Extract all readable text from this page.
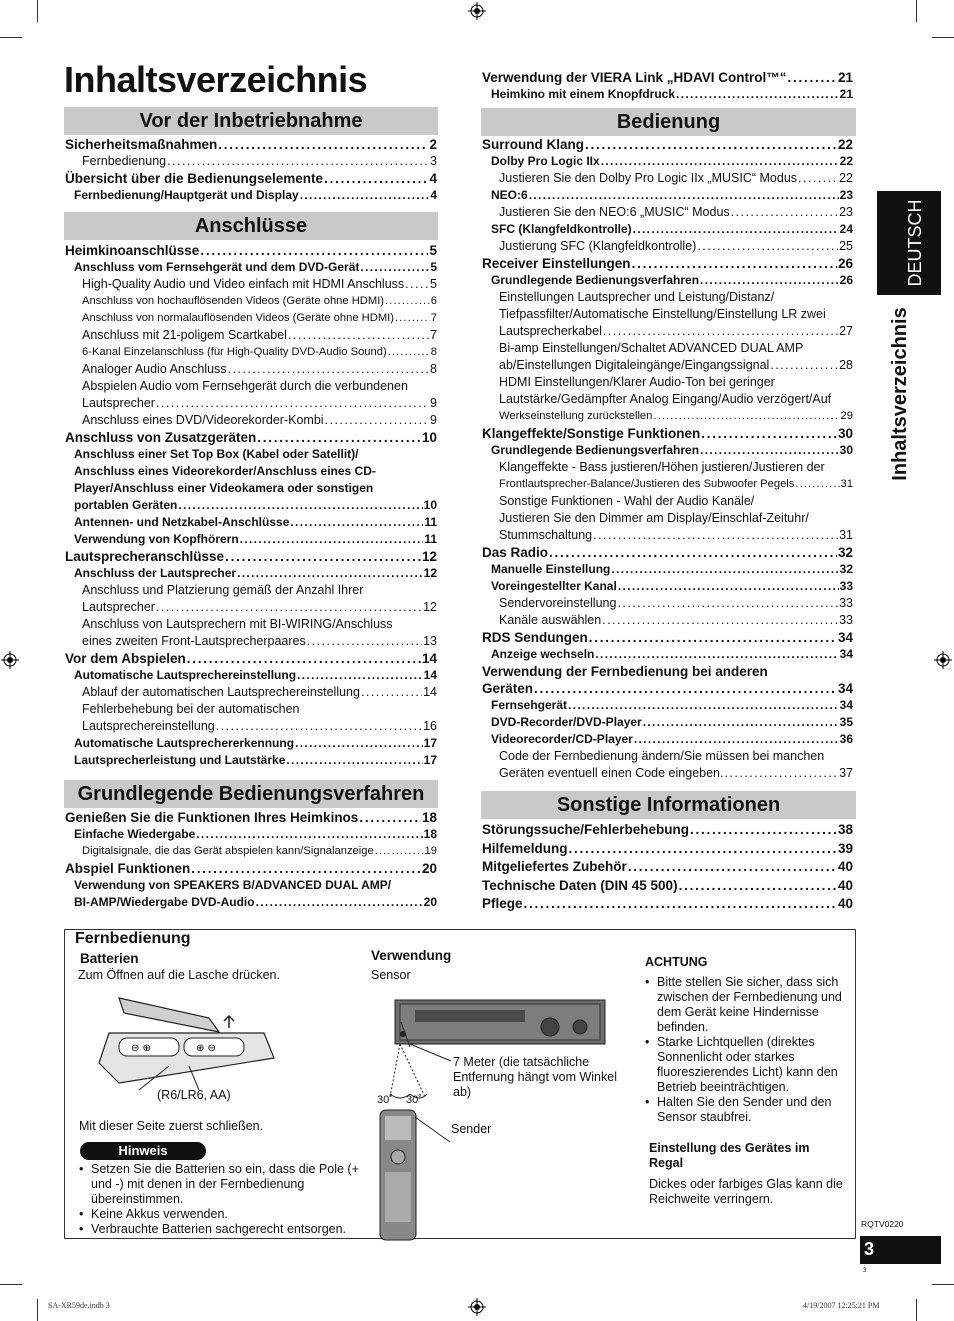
Inhaltsverzeichnis
Vor der Inbetriebnahme
Sicherheitsmaßnahmen . . .	2
Fernbedienung . . .	3
Übersicht über die Bedienungselemente . . .	4
Fernbedienung/Hauptgerät und Display . . .	4
Anschlüsse
Heimkinoanschlüsse . . .	5
Anschluss vom Fernsehgerät und dem DVD-Gerät . . .	5
High-Quality Audio und Video einfach mit HDMI Anschluss . . . 5
Anschluss von hochauflösenden Videos (Geräte ohne HDMI) . . .	6
Anschluss von normalauflösenden Videos (Geräte ohne HDMI) . . .	7
Anschluss mit 21-poligem Scartkabel . . .	7
6-Kanal Einzelanschluss (für High-Quality DVD-Audio Sound) . . .	8
Analoger Audio Anschluss . . .	8
Abspielen Audio vom Fernsehgerät durch die verbundenen
Lautsprecher . . .	9
Anschluss eines DVD/Videorekorder-Kombi . . .	9
Anschluss von Zusatzgeräten . . .	10
Anschluss einer Set Top Box (Kabel oder Satellit)/
Anschluss eines Videorekorder/Anschluss eines CD-
Player/Anschluss einer Videokamera oder sonstigen
portablen Geräten . . .	10
Antennen- und Netzkabel-Anschlüsse . . .	11
Verwendung von Kopfhörern . . .	11
Lautsprecheranschlüsse . . .	12
Anschluss der Lautsprecher . . .	12
Anschluss und Platzierung gemäß der Anzahl Ihrer
Lautsprecher . . .	12
Anschluss von Lautsprechern mit BI-WIRING/Anschluss
eines zweiten Front-Lautsprecherpaares . . .	13
Vor dem Abspielen . . .	14
Automatische Lautsprechereinstellung . . .	14
Ablauf der automatischen Lautsprechereinstellung . . .	14
Fehlerbehebung bei der automatischen
Lautsprechereinstellung . . .	16
Automatische Lautsprechererkennung . . .	17
Lautsprecherleistung und Lautstärke . . .	17
Grundlegende Bedienungsverfahren
Genießen Sie die Funktionen Ihres Heimkinos . . .	18
Einfache Wiedergabe . . .	18
Digitalsignale, die das Gerät abspielen kann/Signalanzeige . . .	19
Abspiel Funktionen . . .	20
Verwendung von SPEAKERS B/ADVANCED DUAL AMP/
BI-AMP/Wiedergabe DVD-Audio . . .	20
Verwendung der VIERA Link „HDAVI Control™“ . . .	21
Heimkino mit einem Knopfdruck . . .	21
Bedienung
Surround Klang . . .	22
Dolby Pro Logic IIx . . .	22
Justieren Sie den Dolby Pro Logic IIx „MUSIC“ Modus . . .	22
NEO:6 . . .	23
Justieren Sie den NEO:6 „MUSIC“ Modus . . .	23
SFC (Klangfeldkontrolle) . . .	24
Justierung SFC (Klangfeldkontrolle) . . .	25
Receiver Einstellungen . . .	26
Grundlegende Bedienungsverfahren . . .	26
Einstellungen Lautsprecher und Leistung/Distanz/
Tiefpassfilter/Automatische Einstellung/Einstellung LR zwei
Lautsprecherkabel . . .	27
Bi-amp Einstellungen/Schaltet ADVANCED DUAL AMP
ab/Einstellungen Digitaleingänge/Eingangssignal . . .	28
HDMI Einstellungen/Klarer Audio-Ton bei geringer
Lautstärke/Gedämpfter Analog Eingang/Audio verzögert/Auf
Werkseinstellung zurückstellen . . .	29
Klangeffekte/Sonstige Funktionen . . .	30
Grundlegende Bedienungsverfahren . . .	30
Klangeffekte - Bass justieren/Höhen justieren/Justieren der
Frontlautsprecher-Balance/Justieren des Subwoofer Pegels . . .	31
Sonstige Funktionen - Wahl der Audio Kanäle/
Justieren Sie den Dimmer am Display/Einschlaf-Zeituhr/
Stummschaltung . . .	31
Das Radio . . .	32
Manuelle Einstellung . . .	32
Voreingestellter Kanal . . .	33
Sendervoreinstellung . . .	33
Kanäle auswählen . . .	33
RDS Sendungen . . .	34
Anzeige wechseln . . .	34
Verwendung der Fernbedienung bei anderen
Geräten . . .	34
Fernsehgerät . . .	34
DVD-Recorder/DVD-Player . . .	35
Videorecorder/CD-Player . . .	36
Code der Fernbedienung ändern/Sie müssen bei manchen
Geräten eventuell einen Code eingeben. . . .	37
Sonstige Informationen
Störungssuche/Fehlerbehebung . . .	38
Hilfemeldung . . .	39
Mitgeliefertes Zubehör . . .	40
Technische Daten (DIN 45 500) . . .	40
Pflege . . .	40
DEUTSCH
Inhaltsverzeichnis
Fernbedienung
Batterien
Zum Öffnen auf die Lasche drücken.
⊖ ⊕	⊕ ⊖
(R6/LR6, AA)
Mit dieser Seite zuerst schließen.
Hinweis
• Setzen Sie die Batterien so ein, dass die Pole (+ und -) mit denen in der Fernbedienung übereinstimmen.
• Keine Akkus verwenden.
• Verbrauchte Batterien sachgerecht entsorgen.
Verwendung
Sensor
30˚ 30˚
7 Meter (die tatsächliche Entfernung hängt vom Winkel ab)
Sender
ACHTUNG
• Bitte stellen Sie sicher, dass sich zwischen der Fernbedienung und dem Gerät keine Hindernisse befinden.
• Starke Lichtquellen (direktes Sonnenlicht oder starkes fluoreszierendes Licht) kann den Betrieb beeinträchtigen.
• Halten Sie den Sender und den Sensor staubfrei.
Einstellung des Gerätes im Regal
Dickes oder farbiges Glas kann die Reichweite verringern.
RQTV0220
3
3
SA-XR59de.indb 3	4/19/2007 12:25:21 PM
